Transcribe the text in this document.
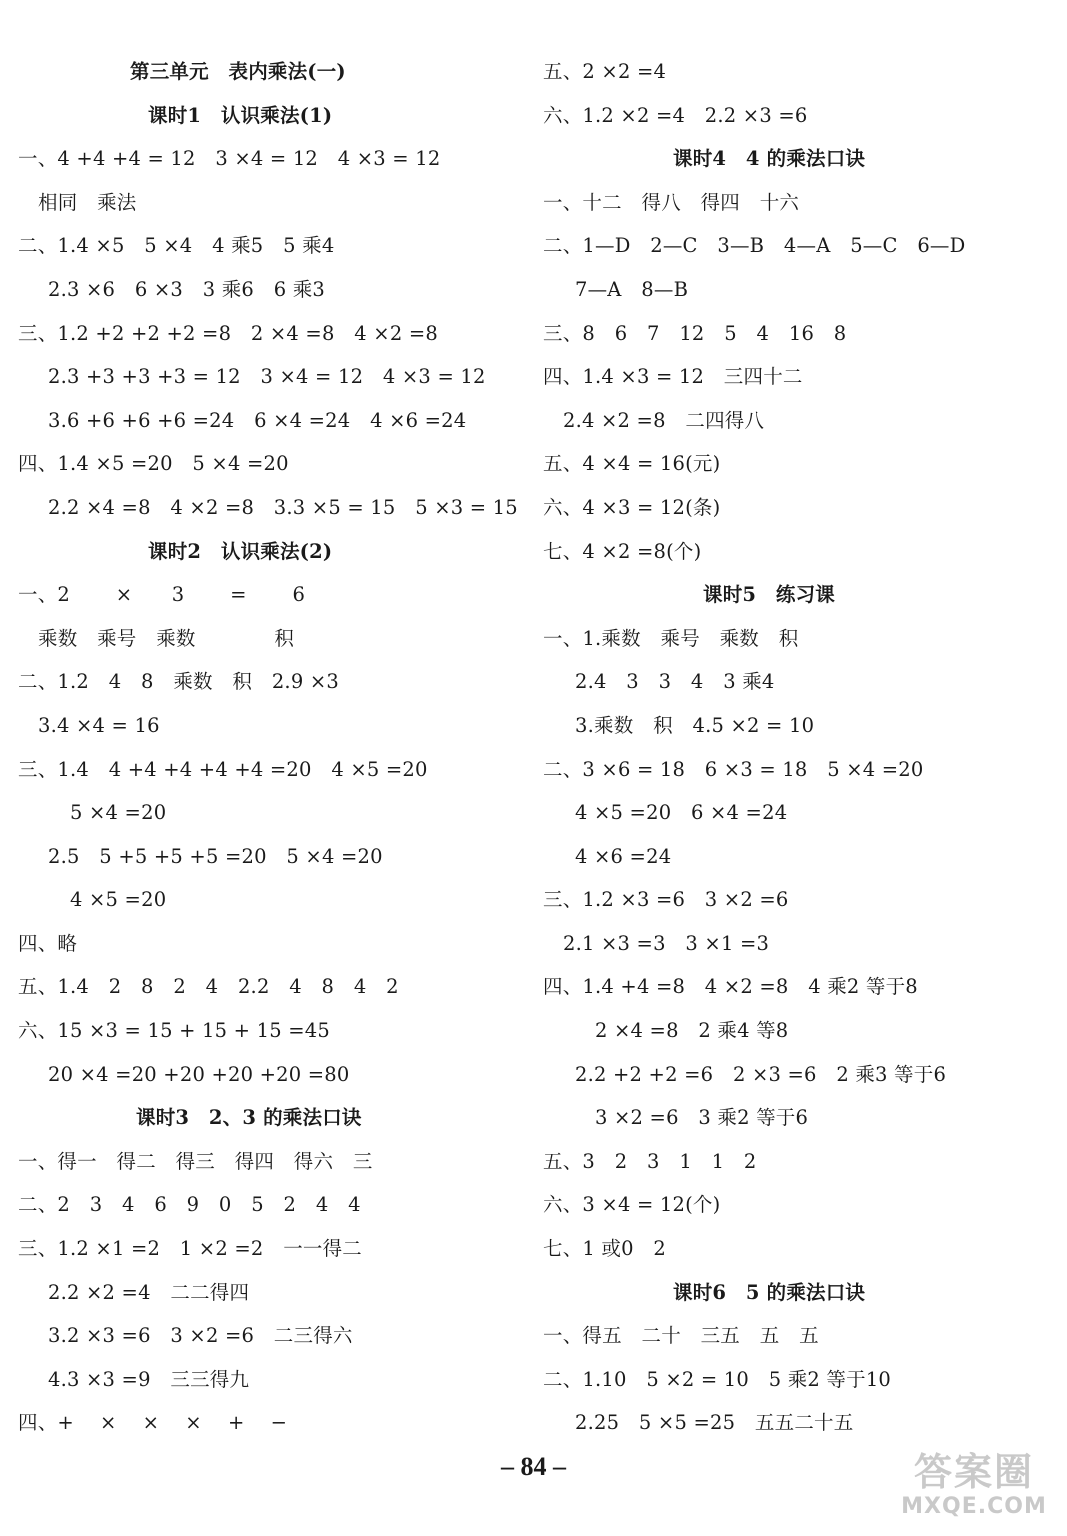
第三单元　表内乘法(一)
课时1　认识乘法(1)
一、4 +4 +4 = 12　3 ×4 = 12　4 ×3 = 12
相同　乘法
二、1.4 ×5　5 ×4　4 乘5　5 乘4
2.3 ×6　6 ×3　3 乘6　6 乘3
三、1.2 +2 +2 +2 =8　2 ×4 =8　4 ×2 =8
2.3 +3 +3 +3 = 12　3 ×4 = 12　4 ×3 = 12
3.6 +6 +6 +6 =24　6 ×4 =24　4 ×6 =24
四、1.4 ×5 =20　5 ×4 =20
2.2 ×4 =8　4 ×2 =8　3.3 ×5 = 15　5 ×3 = 15
课时2　认识乘法(2)
一、2　　 ×　　3　　 =　　 6
乘数　乘号　乘数　　　　积
二、1.2　4　8　乘数　积　2.9 ×3
3.4 ×4 = 16
三、1.4　4 +4 +4 +4 +4 =20　4 ×5 =20
5 ×4 =20
2.5　5 +5 +5 +5 =20　5 ×4 =20
4 ×5 =20
四、略
五、1.4　2　8　2　4　2.2　4　8　4　2
六、15 ×3 = 15 + 15 + 15 =45
20 ×4 =20 +20 +20 +20 =80
课时3　2、3 的乘法口诀
一、得一　得二　得三　得四　得六　三
二、2　3　4　6　9　0　5　2　4　4
三、1.2 ×1 =2　1 ×2 =2　一一得二
2.2 ×2 =4　二二得四
3.2 ×3 =6　3 ×2 =6　二三得六
4.3 ×3 =9　三三得九
四、+　 ×　 ×　 ×　 +　 −
五、2 ×2 =4
六、1.2 ×2 =4　2.2 ×3 =6
课时4　4 的乘法口诀
一、十二　得八　得四　十六
二、1—D　2—C　3—B　4—A　5—C　6—D
7—A　8—B
三、8　6　7　12　5　4　16　8
四、1.4 ×3 = 12　三四十二
2.4 ×2 =8　二四得八
五、4 ×4 = 16(元)
六、4 ×3 = 12(条)
七、4 ×2 =8(个)
课时5　练习课
一、1.乘数　乘号　乘数　积
2.4　3　3　4　3 乘4
3.乘数　积　4.5 ×2 = 10
二、3 ×6 = 18　6 ×3 = 18　5 ×4 =20
4 ×5 =20　6 ×4 =24
4 ×6 =24
三、1.2 ×3 =6　3 ×2 =6
2.1 ×3 =3　3 ×1 =3
四、1.4 +4 =8　4 ×2 =8　4 乘2 等于8
2 ×4 =8　2 乘4 等8
2.2 +2 +2 =6　2 ×3 =6　2 乘3 等于6
3 ×2 =6　3 乘2 等于6
五、3　2　3　1　1　2
六、3 ×4 = 12(个)
七、1 或0　2
课时6　5 的乘法口诀
一、得五　二十　三五　五　五
二、1.10　5 ×2 = 10　5 乘2 等于10
2.25　5 ×5 =25　五五二十五
– 84 –	答案圈
MXQE.COM
